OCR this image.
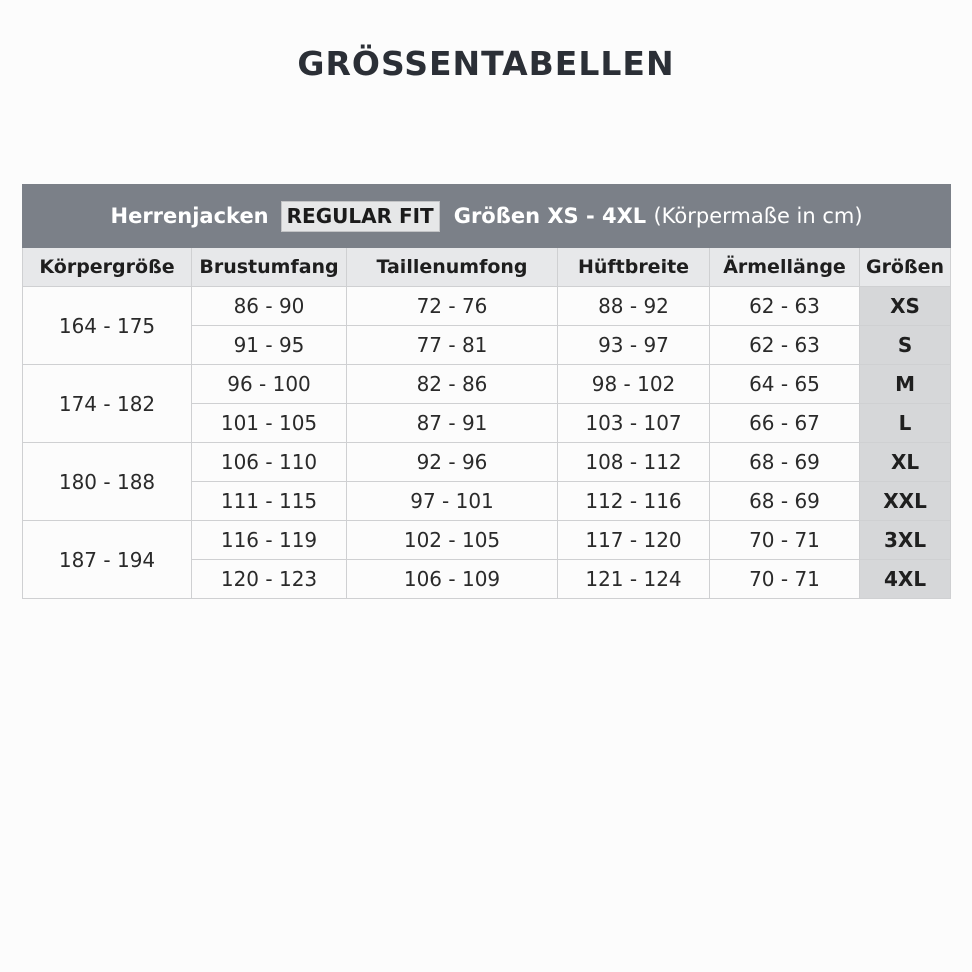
GRÖSSENTABELLEN
Herrenjacken REGULAR FIT Größen XS - 4XL (Körpermaße in cm)					
Körpergröße	Brustumfang	Taillenumfong	Hüftbreite	Ärmellänge	Größen
164 - 175	86 - 90	72 - 76	88 - 92	62 - 63	XS
	91 - 95	77 - 81	93 - 97	62 - 63	S
174 - 182	96 - 100	82 - 86	98 - 102	64 - 65	M
	101 - 105	87 - 91	103 - 107	66 - 67	L
180 - 188	106 - 110	92 - 96	108 - 112	68 - 69	XL
	111 - 115	97 - 101	112 - 116	68 - 69	XXL
187 - 194	116 - 119	102 - 105	117 - 120	70 - 71	3XL
	120 - 123	106 - 109	121 - 124	70 - 71	4XL
